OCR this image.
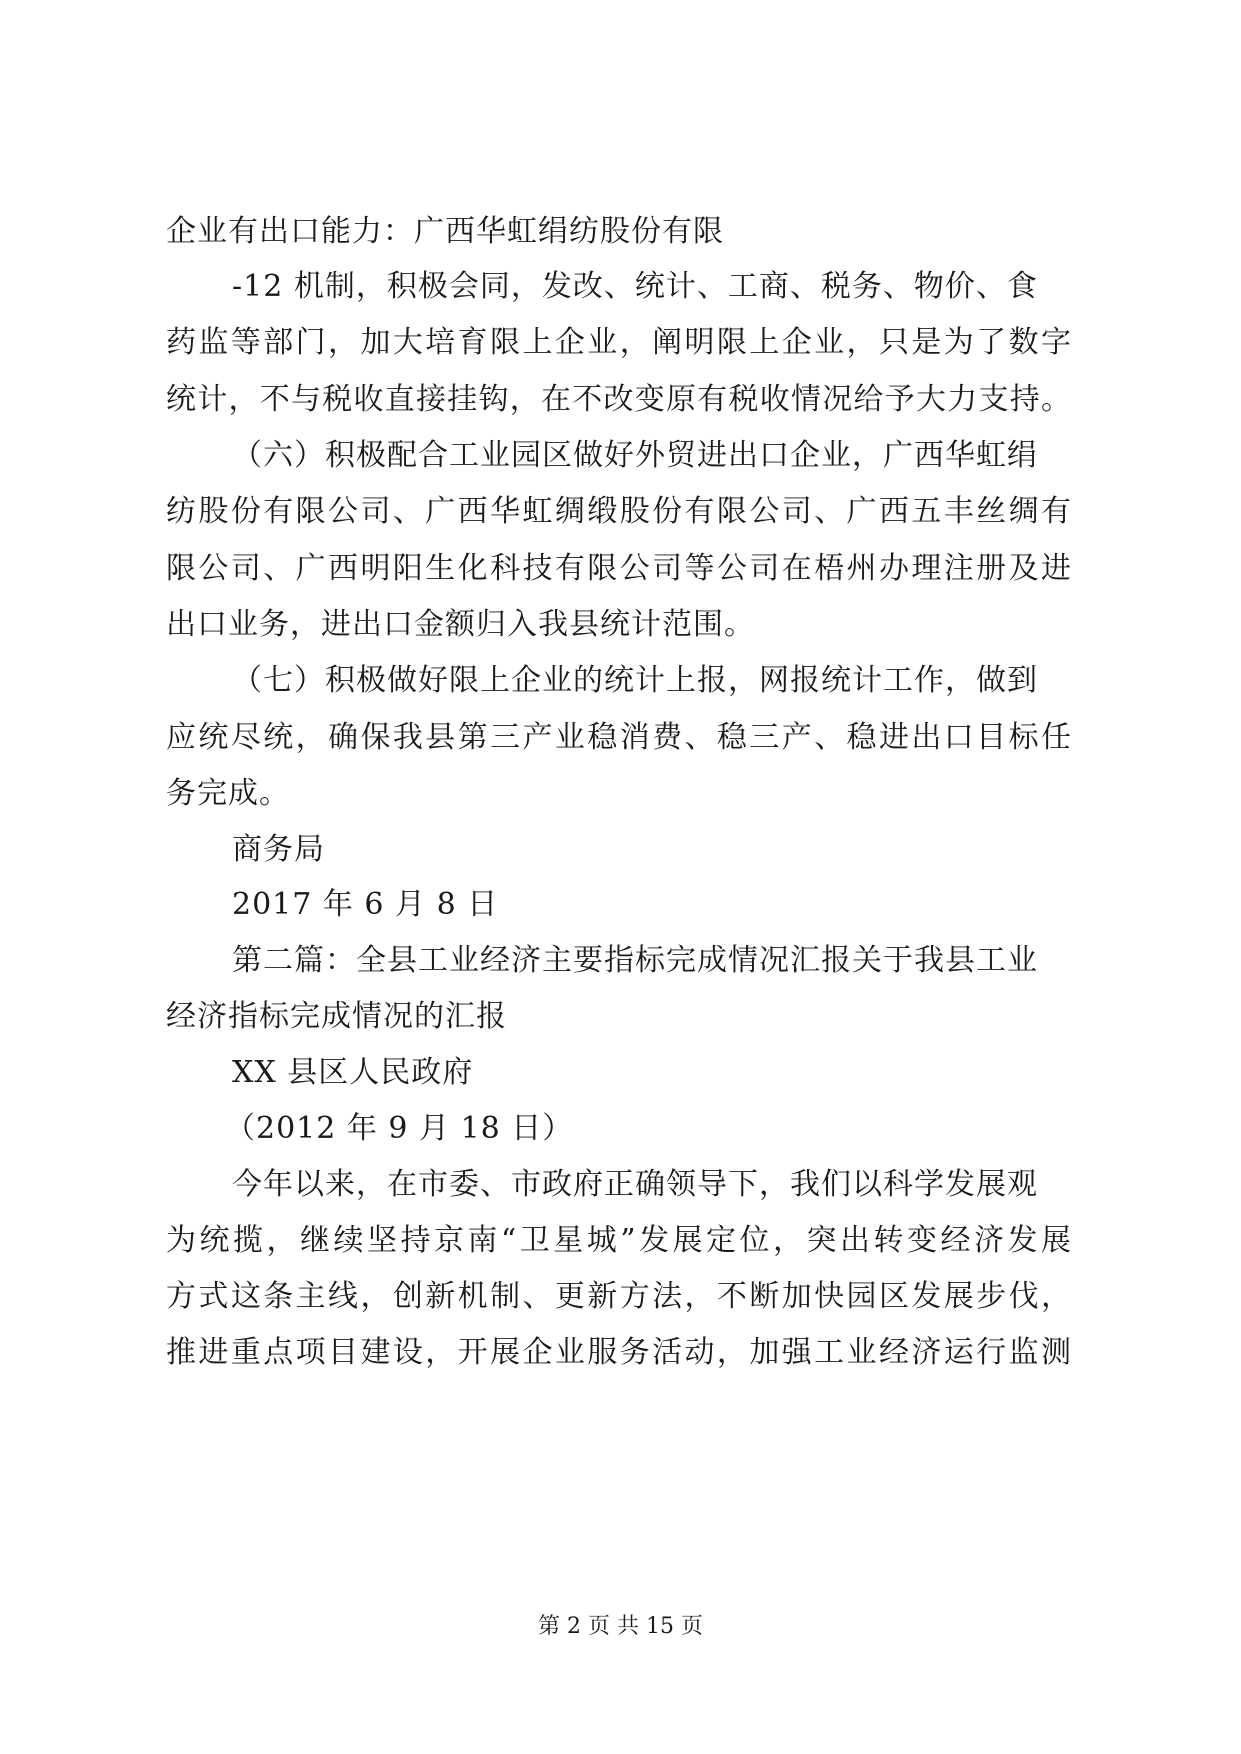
企业有出口能力：广西华虹绢纺股份有限
-12 机制，积极会同，发改、统计、工商、税务、物价、食
药监等部门，加大培育限上企业，阐明限上企业，只是为了数字
统计，不与税收直接挂钩，在不改变原有税收情况给予大力支持。
（六）积极配合工业园区做好外贸进出口企业，广西华虹绢
纺股份有限公司、广西华虹绸缎股份有限公司、广西五丰丝绸有
限公司、广西明阳生化科技有限公司等公司在梧州办理注册及进
出口业务，进出口金额归入我县统计范围。
（七）积极做好限上企业的统计上报，网报统计工作，做到
应统尽统，确保我县第三产业稳消费、稳三产、稳进出口目标任
务完成。
商务局
2017 年 6 月 8 日
第二篇：全县工业经济主要指标完成情况汇报关于我县工业
经济指标完成情况的汇报
XX 县区人民政府
（2012 年 9 月 18 日）
今年以来，在市委、市政府正确领导下，我们以科学发展观
为统揽，继续坚持京南“卫星城”发展定位，突出转变经济发展
方式这条主线，创新机制、更新方法，不断加快园区发展步伐，
推进重点项目建设，开展企业服务活动，加强工业经济运行监测
第 2 页 共 15 页
